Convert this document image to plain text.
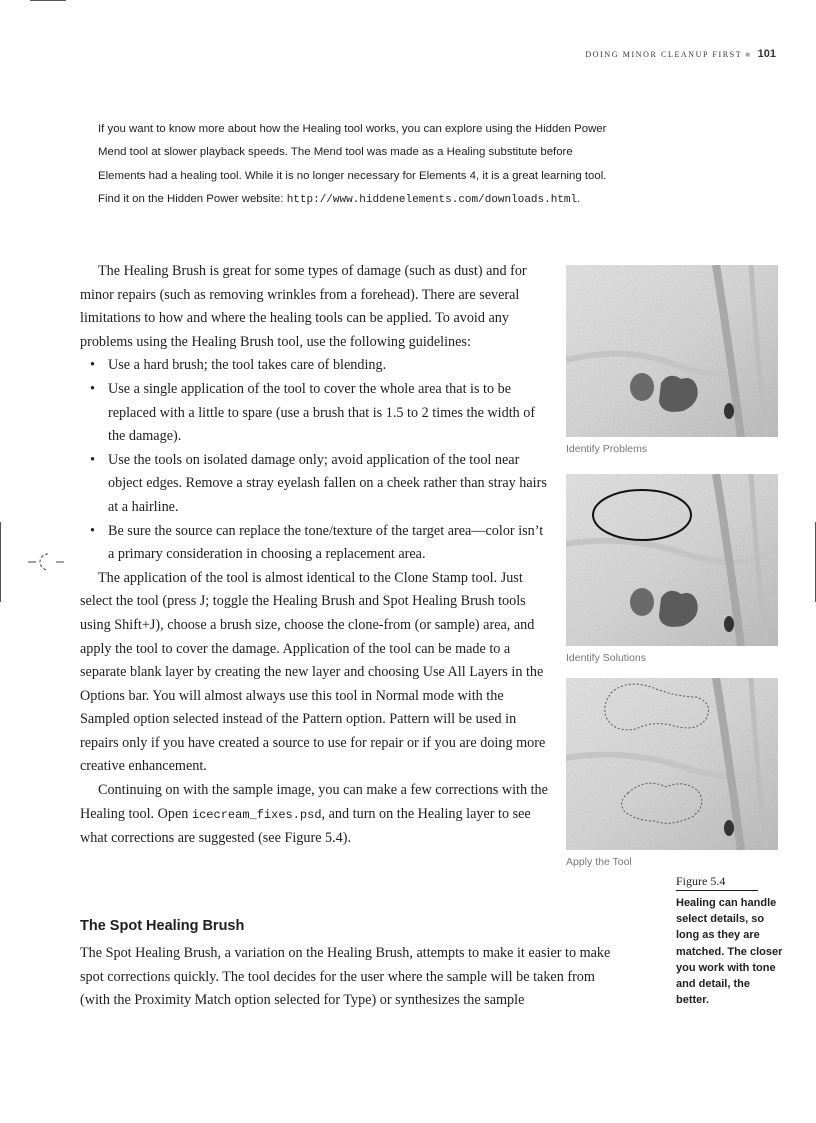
DOING MINOR CLEANUP FIRST ■ 101
If you want to know more about how the Healing tool works, you can explore using the Hidden Power Mend tool at slower playback speeds. The Mend tool was made as a Healing substitute before Elements had a healing tool. While it is no longer necessary for Elements 4, it is a great learning tool. Find it on the Hidden Power website: http://www.hiddenelements.com/downloads.html.

The Healing Brush is great for some types of damage (such as dust) and for minor repairs (such as removing wrinkles from a forehead). There are several limitations to how and where the healing tools can be applied. To avoid any problems using the Healing Brush tool, use the following guidelines:

• Use a hard brush; the tool takes care of blending.
• Use a single application of the tool to cover the whole area that is to be replaced with a little to spare (use a brush that is 1.5 to 2 times the width of the damage).
• Use the tools on isolated damage only; avoid application of the tool near object edges. Remove a stray eyelash fallen on a cheek rather than stray hairs at a hairline.
• Be sure the source can replace the tone/texture of the target area—color isn’t a primary consideration in choosing a replacement area.

The application of the tool is almost identical to the Clone Stamp tool. Just select the tool (press J; toggle the Healing Brush and Spot Healing Brush tools using Shift+J), choose a brush size, choose the clone-from (or sample) area, and apply the tool to cover the damage. Application of the tool can be made to a separate blank layer by creating the new layer and choosing Use All Layers in the Options bar. You will almost always use this tool in Normal mode with the Sampled option selected instead of the Pattern option. Pattern will be used in repairs only if you have created a source to use for repair or if you are doing more creative enhancement.

Continuing on with the sample image, you can make a few corrections with the Healing tool. Open icecream_fixes.psd, and turn on the Healing layer to see what corrections are suggested (see Figure 5.4).

The Spot Healing Brush

The Spot Healing Brush, a variation on the Healing Brush, attempts to make it easier to make spot corrections quickly. The tool decides for the user where the sample will be taken from (with the Proximity Match option selected for Type) or synthesizes the sample

Identify Problems
Identify Solutions
Apply the Tool
Figure 5.4
Healing can handle select details, so long as they are matched. The closer you work with tone and detail, the better.
